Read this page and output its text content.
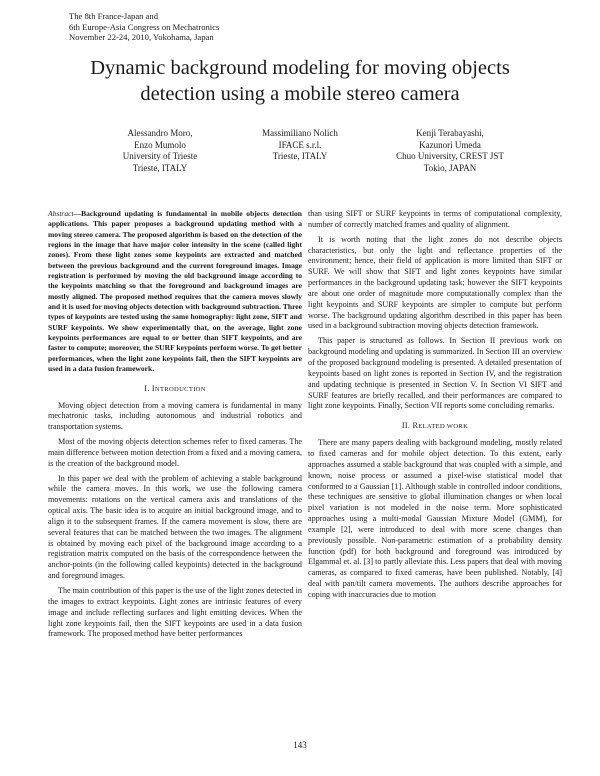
The 8th France-Japan and
6th Europe-Asia Congress on Mechatronics
November 22-24, 2010, Yokohama, Japan
Dynamic background modeling for moving objects
detection using a mobile stereo camera
Alessandro Moro,
Enzo Mumolo
University of Trieste
Trieste, ITALY
Massimiliano Nolich
IFACE s.r.l.
Trieste, ITALY
Kenji Terabayashi,
Kazunori Umeda
Chuo University, CREST JST
Tokio, JAPAN
Abstract—Background updating is fundamental in mobile objects detection applications. This paper proposes a background updating method with a moving stereo camera. The proposed algorithm is based on the detection of the regions in the image that have major color intensity in the scene (called light zones). From these light zones some keypoints are extracted and matched between the previous background and the current foreground images. Image registration is performed by moving the old background image according to the keypoints matching so that the foreground and background images are mostly aligned. The proposed method requires that the camera moves slowly and it is used for moving objects detection with background subtraction. Three types of keypoints are tested using the same homography: light zone, SIFT and SURF keypoints. We show experimentally that, on the average, light zone keypoints performances are equal to or better than SIFT keypoints, and are faster to compute; moreover, the SURF keypoints perform worse. To get better performances, when the light zone keypoints fail, then the SIFT keypoints are used in a data fusion framework.
I. INTRODUCTION

Moving object detection from a moving camera is fundamental in many mechatronic tasks, including autonomous and industrial robotics and transportation systems.

Most of the moving objects detection schemes refer to fixed cameras. The main difference between motion detection from a fixed and a moving camera, is the creation of the background model.

In this paper we deal with the problem of achieving a stable background while the camera moves. In this work, we use the following camera movements: rotations on the vertical camera axis and translations of the optical axis. The basic idea is to acquire an initial background image, and to align it to the subsequent frames. If the camera movement is slow, there are several features that can be matched between the two images. The alignment is obtained by moving each pixel of the background image according to a registration matrix computed on the basis of the correspondence between the anchor-points (in the following called keypoints) detected in the background and foreground images.

The main contribution of this paper is the use of the light zones detected in the images to extract keypoints. Light zones are intrinsic features of every image and include reflecting surfaces and light emitting devices. When the light zone keypoints fail, then the SIFT keypoints are used in a data fusion framework. The proposed method have better performances

than using SIFT or SURF keypoints in terms of computational complexity, number of correctly matched frames and quality of alignment.

It is worth noting that the light zones do not describe objects characteristics, but only the light and reflectance properties of the environment; hence, their field of application is more limited than SIFT or SURF. We will show that SIFT and light zones keypoints have similar performances in the background updating task; however the SIFT keypoints are about one order of magnitude more computationally complex than the light keypoints and SURF keypoints are simpler to compute but perform worse. The background updating algorithm described in this paper has been used in a background subtraction moving objects detection framework.

This paper is structured as follows. In Section II previous work on background modeling and updating is summarized. In Section III an overview of the proposed background modeling is presented. A detailed presentation of keypoints based on light zones is reported in Section IV, and the registration and updating technique is presented in Section V. In Section VI SIFT and SURF features are briefly recalled, and their performances are compared to light zone keypoints. Finally, Section VII reports some concluding remarks.

II. RELATED WORK

There are many papers dealing with background modeling, mostly related to fixed cameras and for mobile object detection. To this extent, early approaches assumed a stable background that was coupled with a simple, and known, noise process or assumed a pixel-wise statistical model that conformed to a Gaussian [1]. Although stable in controlled indoor conditions, these techniques are sensitive to global illumination changes or when local pixel variation is not modeled in the noise term. More sophisticated approaches using a multi-modal Gaussian Mixture Model (GMM), for example [2], were introduced to deal with more scene changes than previously possible. Non-parametric estimation of a probability density function (pdf) for both background and foreground was introduced by Elgammal et. al. [3] to partly alleviate this. Less papers that deal with moving cameras, as compared to fixed cameras, have been published. Notably, [4] deal with pan/tilt camera movements. The authors describe approaches for coping with inaccuracies due to motion

143
